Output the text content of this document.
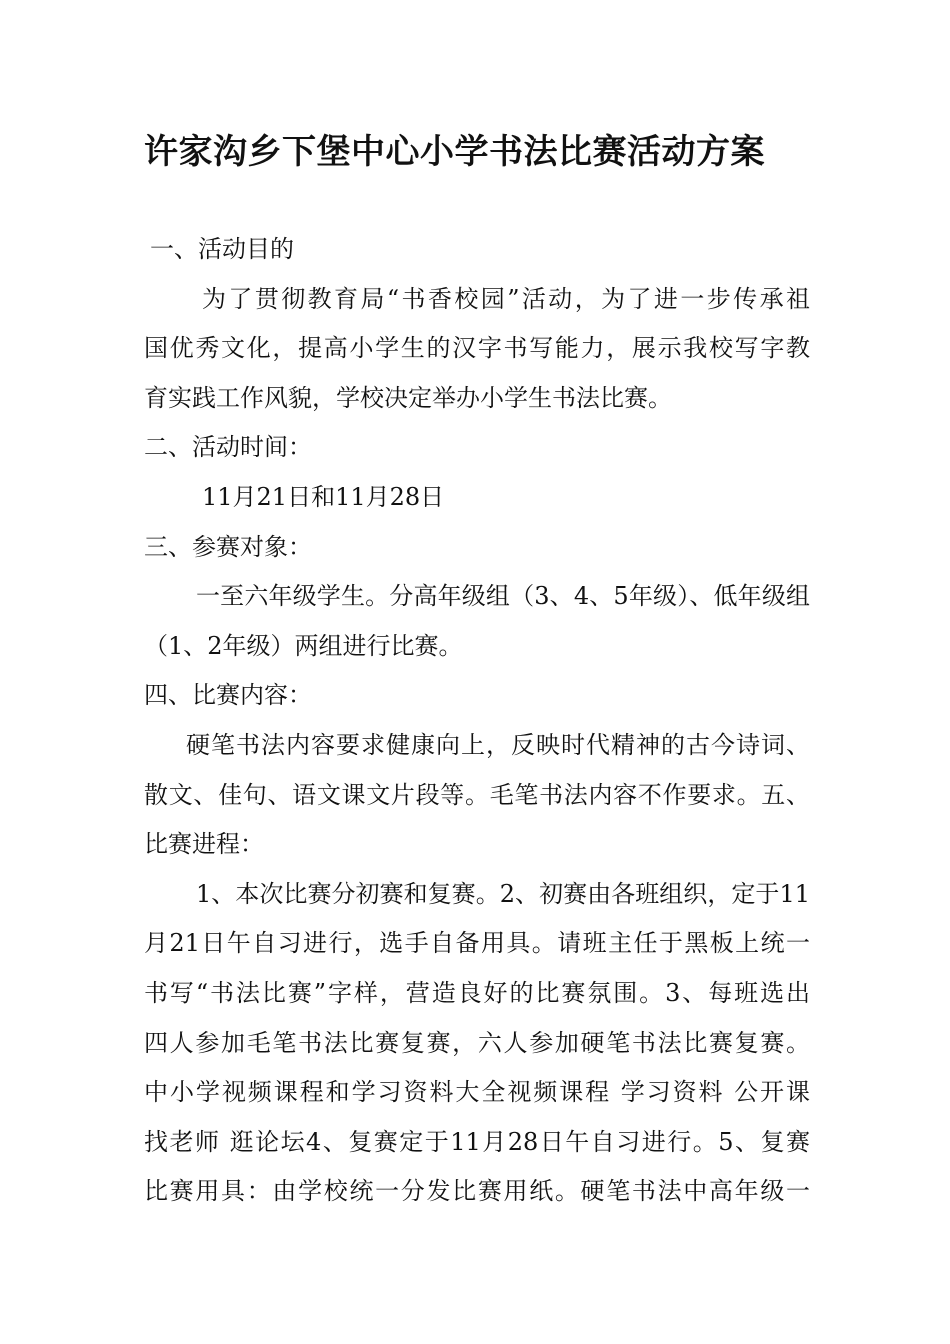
许家沟乡下堡中心小学书法比赛活动方案
一、活动目的
为了贯彻教育局“书香校园”活动，为了进一步传承祖
国优秀文化，提高小学生的汉字书写能力，展示我校写字教
育实践工作风貌，学校决定举办小学生书法比赛。
二、活动时间：
11月21日和11月28日
三、参赛对象：
一至六年级学生。分高年级组（3、4、5年级）、低年级组
（1、2年级）两组进行比赛。
四、比赛内容：
硬笔书法内容要求健康向上，反映时代精神的古今诗词、
散文、佳句、语文课文片段等。毛笔书法内容不作要求。五、
比赛进程：
1、本次比赛分初赛和复赛。2、初赛由各班组织，定于11
月21日午自习进行，选手自备用具。请班主任于黑板上统一
书写“书法比赛”字样，营造良好的比赛氛围。3、每班选出
四人参加毛笔书法比赛复赛，六人参加硬笔书法比赛复赛。
中小学视频课程和学习资料大全视频课程 学习资料 公开课
找老师 逛论坛4、复赛定于11月28日午自习进行。5、复赛
比赛用具：由学校统一分发比赛用纸。硬笔书法中高年级一
